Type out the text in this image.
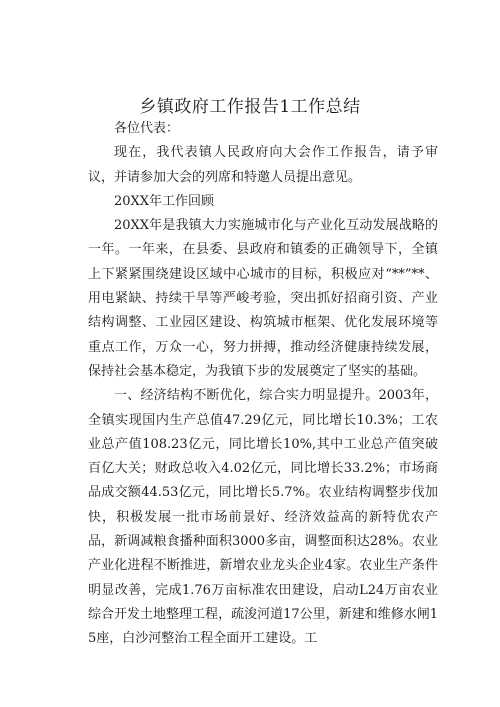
乡镇政府工作报告1工作总结

各位代表：

现在，我代表镇人民政府向大会作工作报告，请予审议，并请参加大会的列席和特邀人员提出意见。

20XX年工作回顾

20XX年是我镇大力实施城市化与产业化互动发展战略的一年。一年来，在县委、县政府和镇委的正确领导下，全镇上下紧紧围绕建设区域中心城市的目标，积极应对“**”**、用电紧缺、持续干旱等严峻考验，突出抓好招商引资、产业结构调整、工业园区建设、构筑城市框架、优化发展环境等重点工作，万众一心，努力拼搏，推动经济健康持续发展，保持社会基本稳定，为我镇下步的发展奠定了坚实的基础。

一、经济结构不断优化，综合实力明显提升。2003年，全镇实现国内生产总值47.29亿元，同比增长10.3%；工农业总产值108.23亿元，同比增长10%,其中工业总产值突破百亿大关；财政总收入4.02亿元，同比增长33.2%；市场商品成交额44.53亿元，同比增长5.7%。农业结构调整步伐加快，积极发展一批市场前景好、经济效益高的新特优农产品，新调减粮食播种面积3000多亩，调整面积达28%。农业产业化进程不断推进，新增农业龙头企业4家。农业生产条件明显改善，完成1.76万亩标准农田建设，启动L24万亩农业综合开发土地整理工程，疏浚河道17公里，新建和维修水闸15座，白沙河整治工程全面开工建设。工
